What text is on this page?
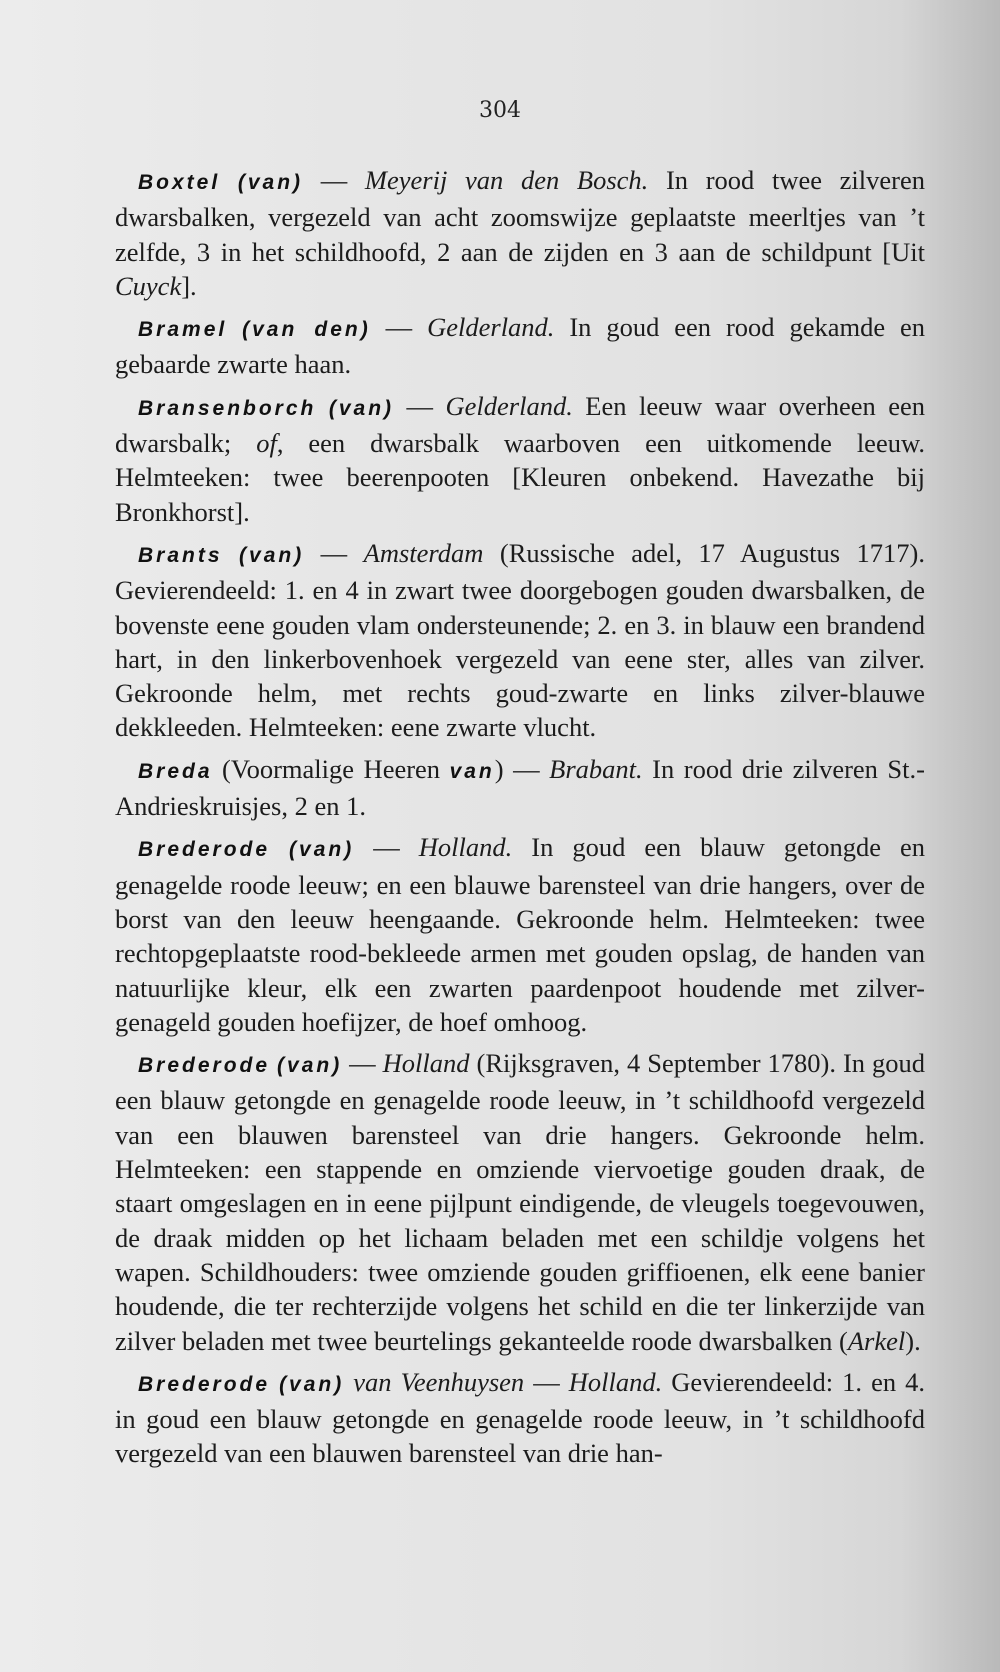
304

Boxtel (van) — Meyerij van den Bosch. In rood twee zilveren dwarsbalken, vergezeld van acht zoomswijze geplaatste meerltjes van ’t zelfde, 3 in het schildhoofd, 2 aan de zijden en 3 aan de schildpunt [Uit Cuyck].

Bramel (van den) — Gelderland. In goud een rood gekamde en gebaarde zwarte haan.

Bransenborch (van) — Gelderland. Een leeuw waar overheen een dwarsbalk; of, een dwarsbalk waarboven een uitkomende leeuw. Helmteeken: twee beerenpooten [Kleuren onbekend. Havezathe bij Bronkhorst].

Brants (van) — Amsterdam (Russische adel, 17 Augustus 1717). Gevierendeeld: 1. en 4 in zwart twee doorgebogen gouden dwarsbalken, de bovenste eene gouden vlam ondersteunende; 2. en 3. in blauw een brandend hart, in den linkerbovenhoek vergezeld van eene ster, alles van zilver. Gekroonde helm, met rechts goud-zwarte en links zilver-blauwe dekkleeden. Helmteeken: eene zwarte vlucht.

Breda (Voormalige Heeren van) — Brabant. In rood drie zilveren St.-Andrieskruisjes, 2 en 1.

Brederode (van) — Holland. In goud een blauw getongde en genagelde roode leeuw; en een blauwe barensteel van drie hangers, over de borst van den leeuw heengaande. Gekroonde helm. Helmteeken: twee rechtopgeplaatste rood-bekleede armen met gouden opslag, de handen van natuurlijke kleur, elk een zwarten paardenpoot houdende met zilver-genageld gouden hoefijzer, de hoef omhoog.

Brederode (van) — Holland (Rijksgraven, 4 September 1780). In goud een blauw getongde en genagelde roode leeuw, in ’t schildhoofd vergezeld van een blauwen barensteel van drie hangers. Gekroonde helm. Helmteeken: een stappende en omziende viervoetige gouden draak, de staart omgeslagen en in eene pijlpunt eindigende, de vleugels toegevouwen, de draak midden op het lichaam beladen met een schildje volgens het wapen. Schildhouders: twee omziende gouden griffioenen, elk eene banier houdende, die ter rechterzijde volgens het schild en die ter linkerzijde van zilver beladen met twee beurtelings gekanteelde roode dwarsbalken (Arkel).

Brederode (van) van Veenhuysen — Holland. Gevierendeeld: 1. en 4. in goud een blauw getongde en genagelde roode leeuw, in ’t schildhoofd vergezeld van een blauwen barensteel van drie han-
